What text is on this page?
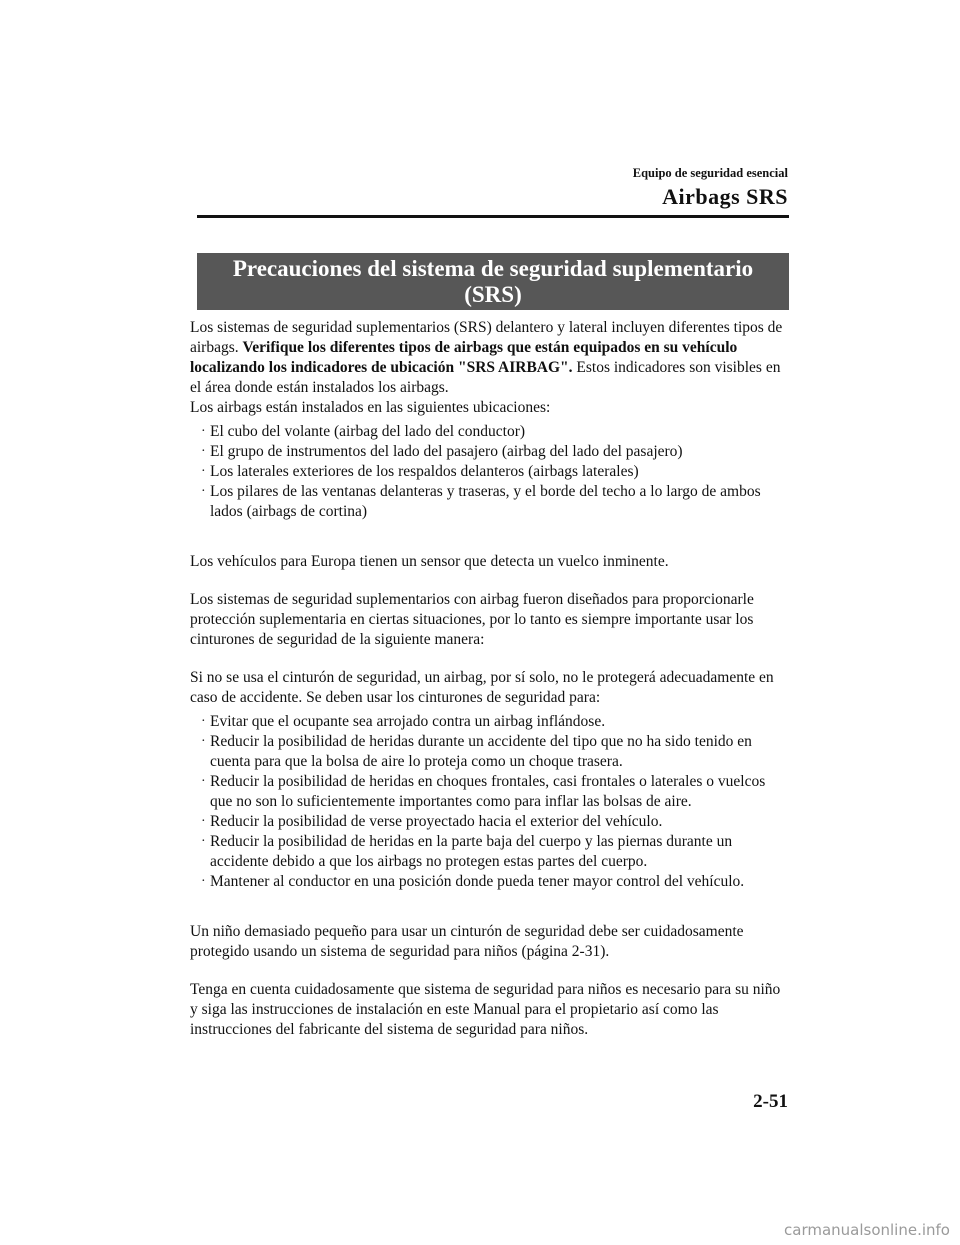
Equipo de seguridad esencial
Airbags SRS
Precauciones del sistema de seguridad suplementario
(SRS)

Los sistemas de seguridad suplementarios (SRS) delantero y lateral incluyen diferentes tipos de airbags. Verifique los diferentes tipos de airbags que están equipados en su vehículo localizando los indicadores de ubicación "SRS AIRBAG". Estos indicadores son visibles en el área donde están instalados los airbags.

Los airbags están instalados en las siguientes ubicaciones:

· El cubo del volante (airbag del lado del conductor)
· El grupo de instrumentos del lado del pasajero (airbag del lado del pasajero)
· Los laterales exteriores de los respaldos delanteros (airbags laterales)
· Los pilares de las ventanas delanteras y traseras, y el borde del techo a lo largo de ambos lados (airbags de cortina)

Los vehículos para Europa tienen un sensor que detecta un vuelco inminente.

Los sistemas de seguridad suplementarios con airbag fueron diseñados para proporcionarle protección suplementaria en ciertas situaciones, por lo tanto es siempre importante usar los cinturones de seguridad de la siguiente manera:

Si no se usa el cinturón de seguridad, un airbag, por sí solo, no le protegerá adecuadamente en caso de accidente. Se deben usar los cinturones de seguridad para:

· Evitar que el ocupante sea arrojado contra un airbag inflándose.
· Reducir la posibilidad de heridas durante un accidente del tipo que no ha sido tenido en cuenta para que la bolsa de aire lo proteja como un choque trasera.
· Reducir la posibilidad de heridas en choques frontales, casi frontales o laterales o vuelcos que no son lo suficientemente importantes como para inflar las bolsas de aire.
· Reducir la posibilidad de verse proyectado hacia el exterior del vehículo.
· Reducir la posibilidad de heridas en la parte baja del cuerpo y las piernas durante un accidente debido a que los airbags no protegen estas partes del cuerpo.
· Mantener al conductor en una posición donde pueda tener mayor control del vehículo.

Un niño demasiado pequeño para usar un cinturón de seguridad debe ser cuidadosamente protegido usando un sistema de seguridad para niños (página 2-31).

Tenga en cuenta cuidadosamente que sistema de seguridad para niños es necesario para su niño y siga las instrucciones de instalación en este Manual para el propietario así como las instrucciones del fabricante del sistema de seguridad para niños.

2-51
carmanualsonline.info
